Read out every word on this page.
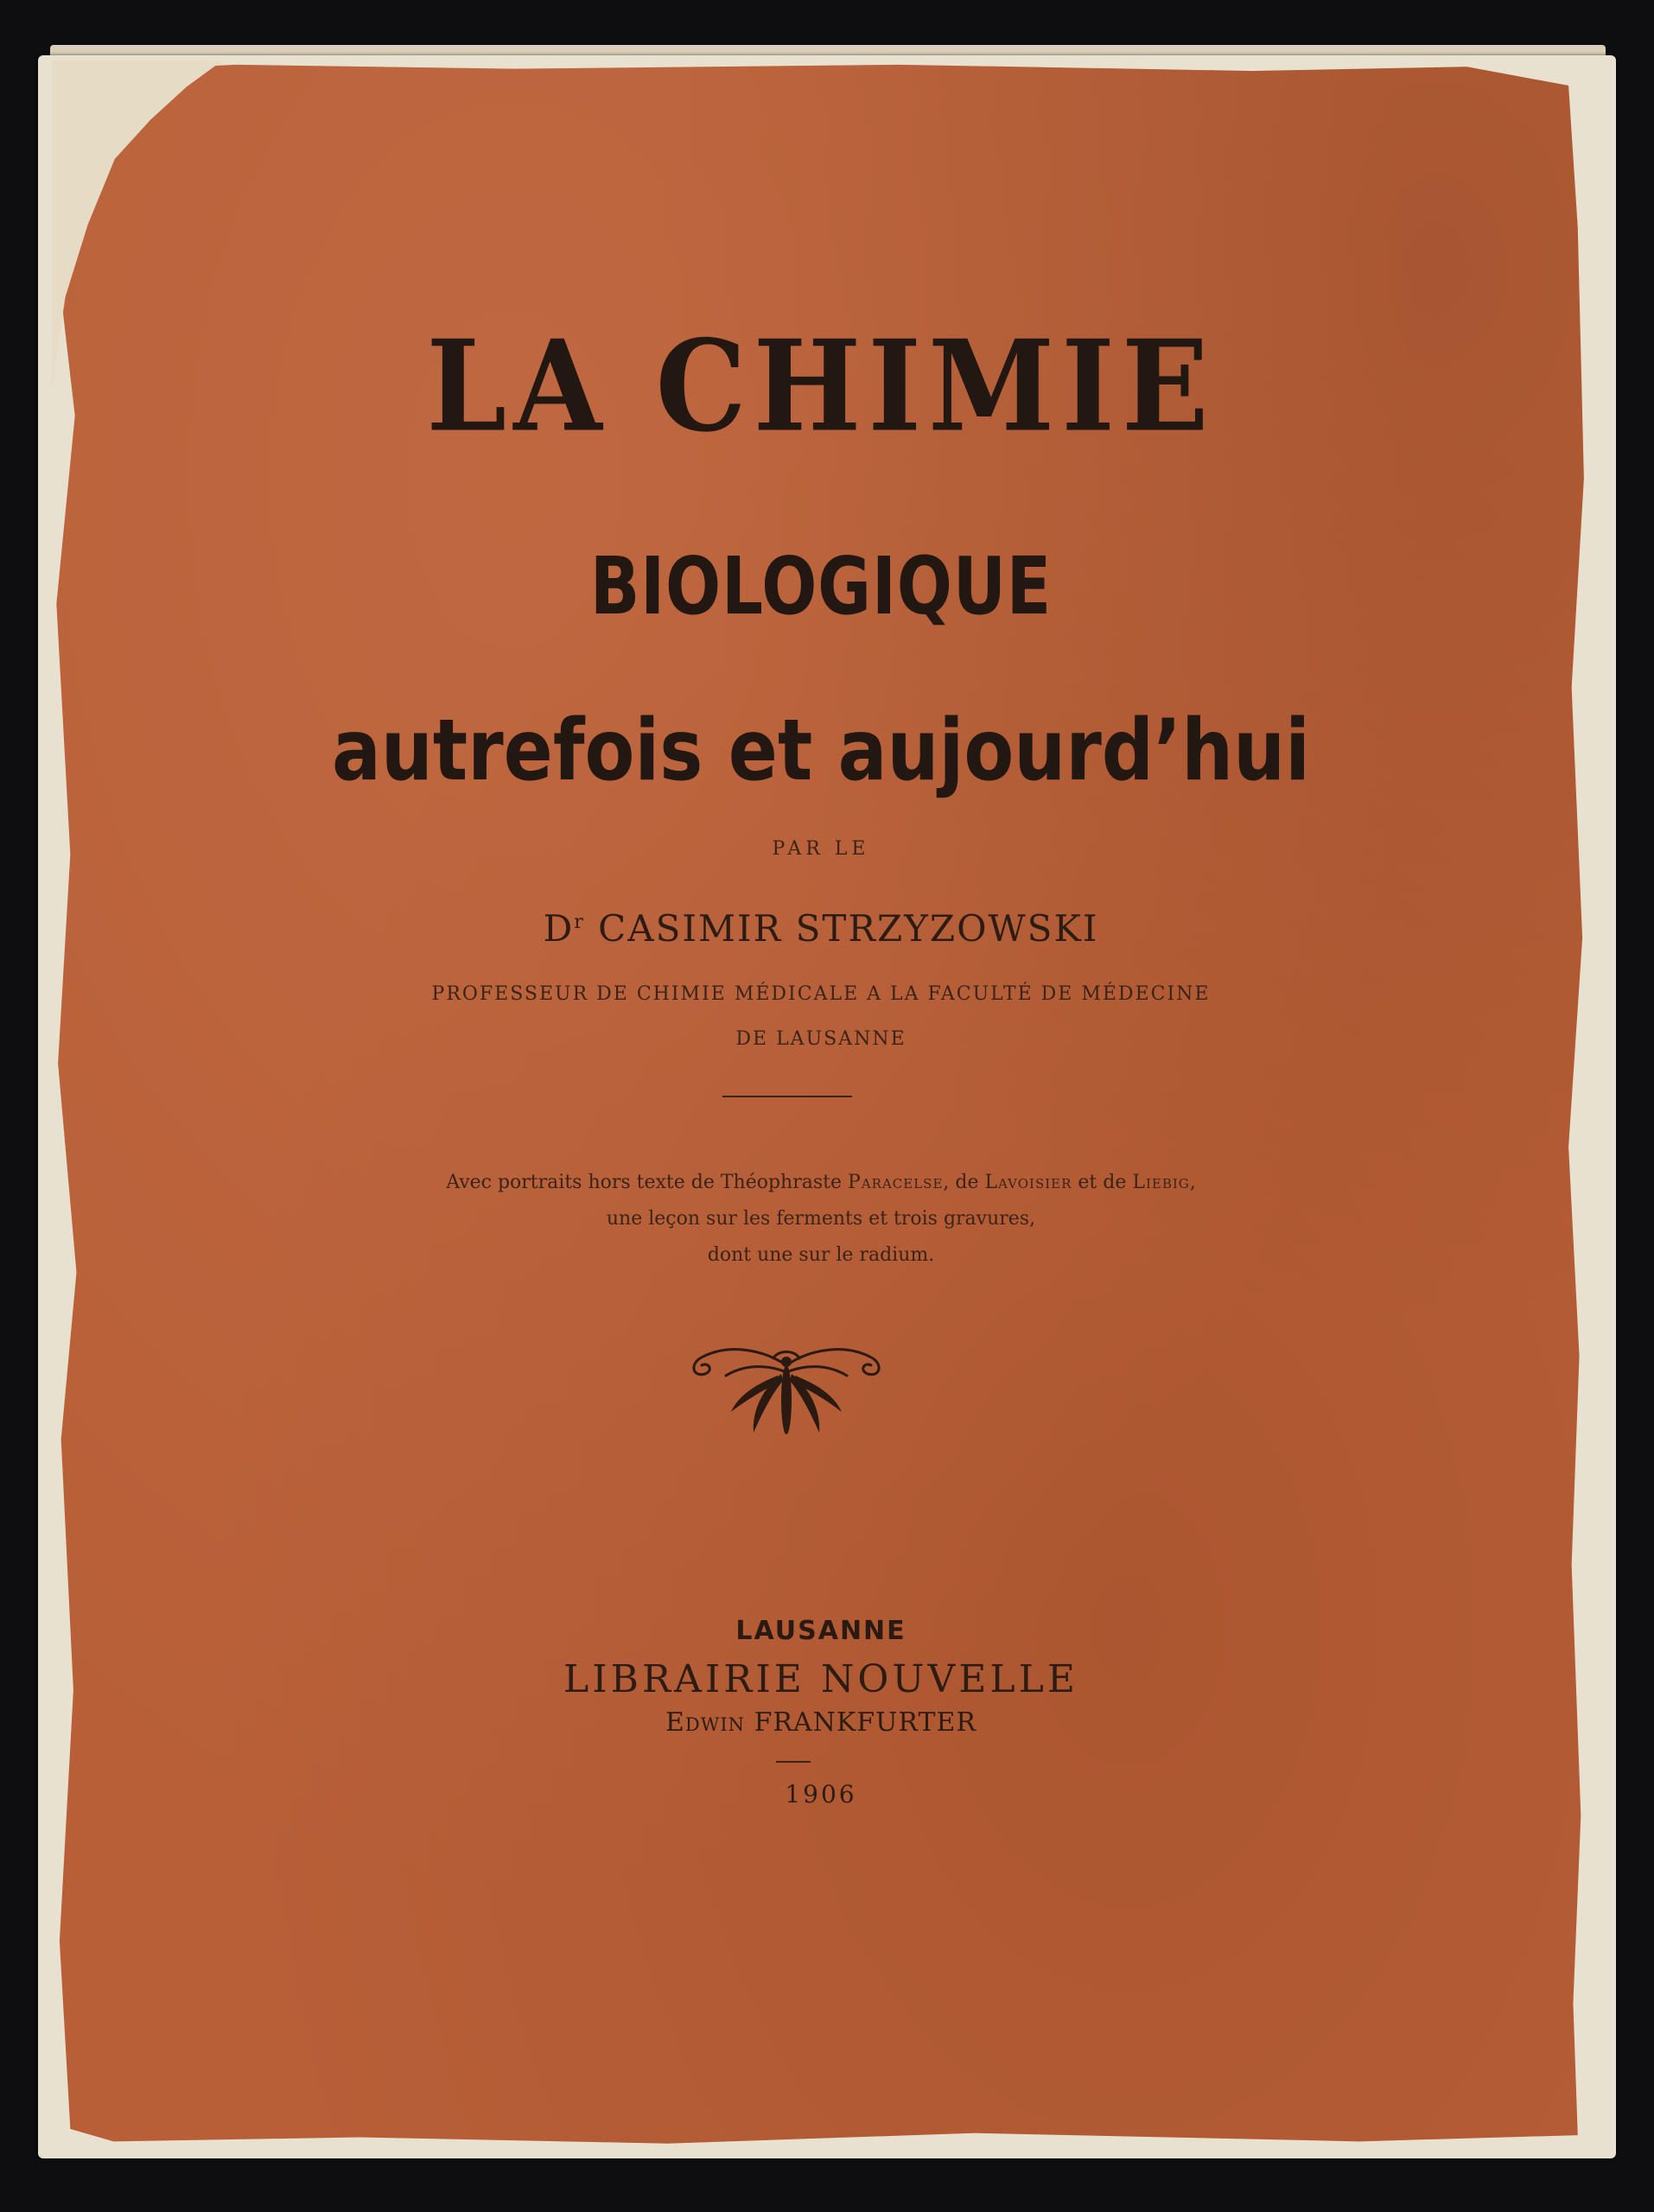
LA CHIMIE
BIOLOGIQUE
autrefois et aujourd’hui
PAR LE
$D^r$ CASIMIR STRZYZOWSKI
PROFESSEUR DE CHIMIE MÉDICALE A LA FACULTÉ DE MÉDECINE
DE LAUSANNE
Avec portraits hors texte de Théophraste Paracelse, de Lavoisier et de Liebig,
une leçon sur les ferments et trois gravures,
dont une sur le radium.
LAUSANNE
LIBRAIRIE NOUVELLE
Edwin FRANKFURTER
1906
